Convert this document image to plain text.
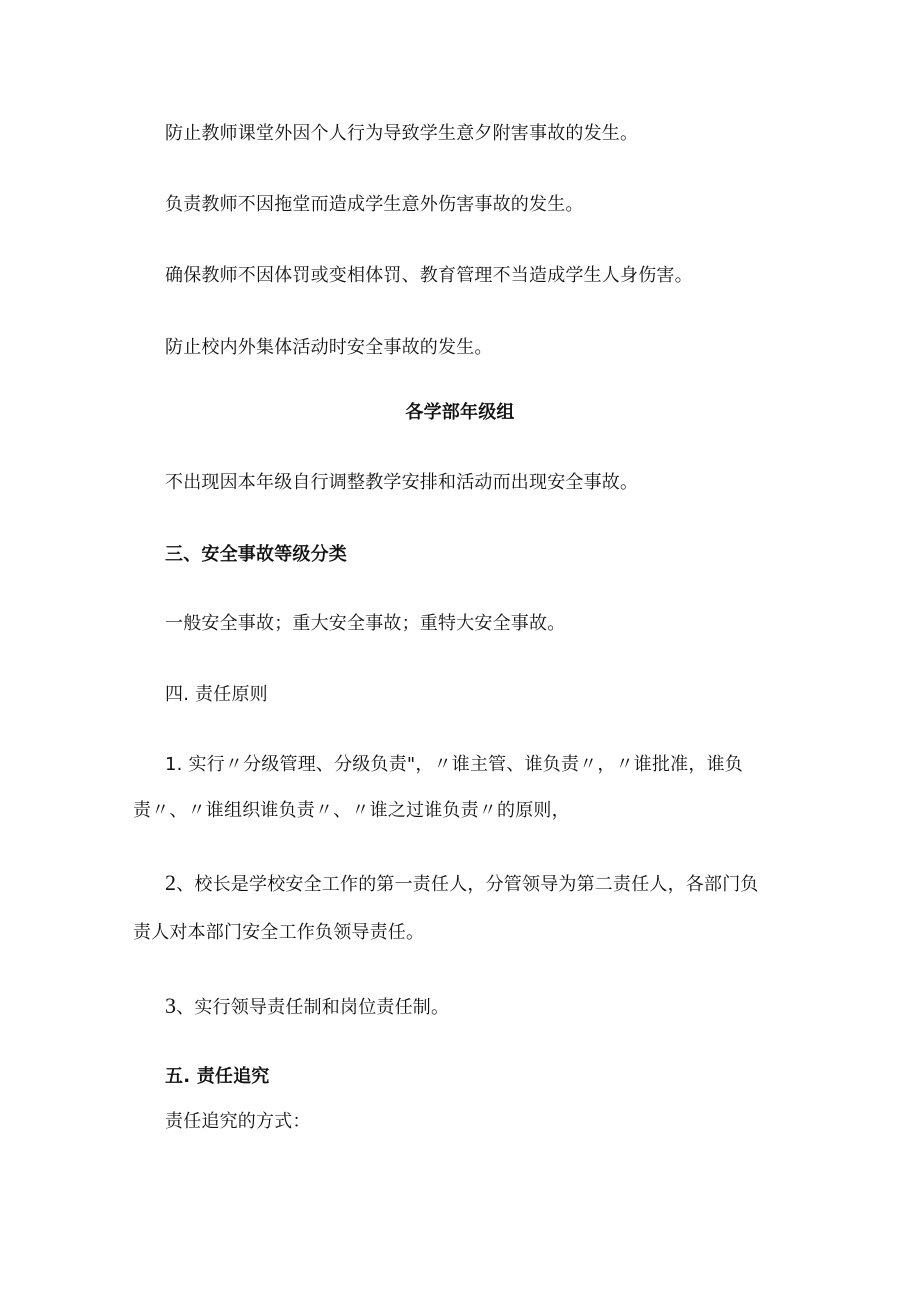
防止教师课堂外因个人行为导致学生意夕附害事故的发生。
负责教师不因拖堂而造成学生意外伤害事故的发生。
确保教师不因体罚或变相体罚、教育管理不当造成学生人身伤害。
防止校内外集体活动时安全事故的发生。
各学部年级组
不出现因本年级自行调整教学安排和活动而出现安全事故。
三、安全事故等级分类
一般安全事故；重大安全事故；重特大安全事故。
四. 责任原则
1. 实行〃分级管理、分级负责"，〃谁主管、谁负责〃，〃谁批准，谁负
责〃、〃谁组织谁负责〃、〃谁之过谁负责〃的原则，
2、校长是学校安全工作的第一责任人，分管领导为第二责任人，各部门负
责人对本部门安全工作负领导责任。
3、实行领导责任制和岗位责任制。
五. 责任追究
责任追究的方式：
